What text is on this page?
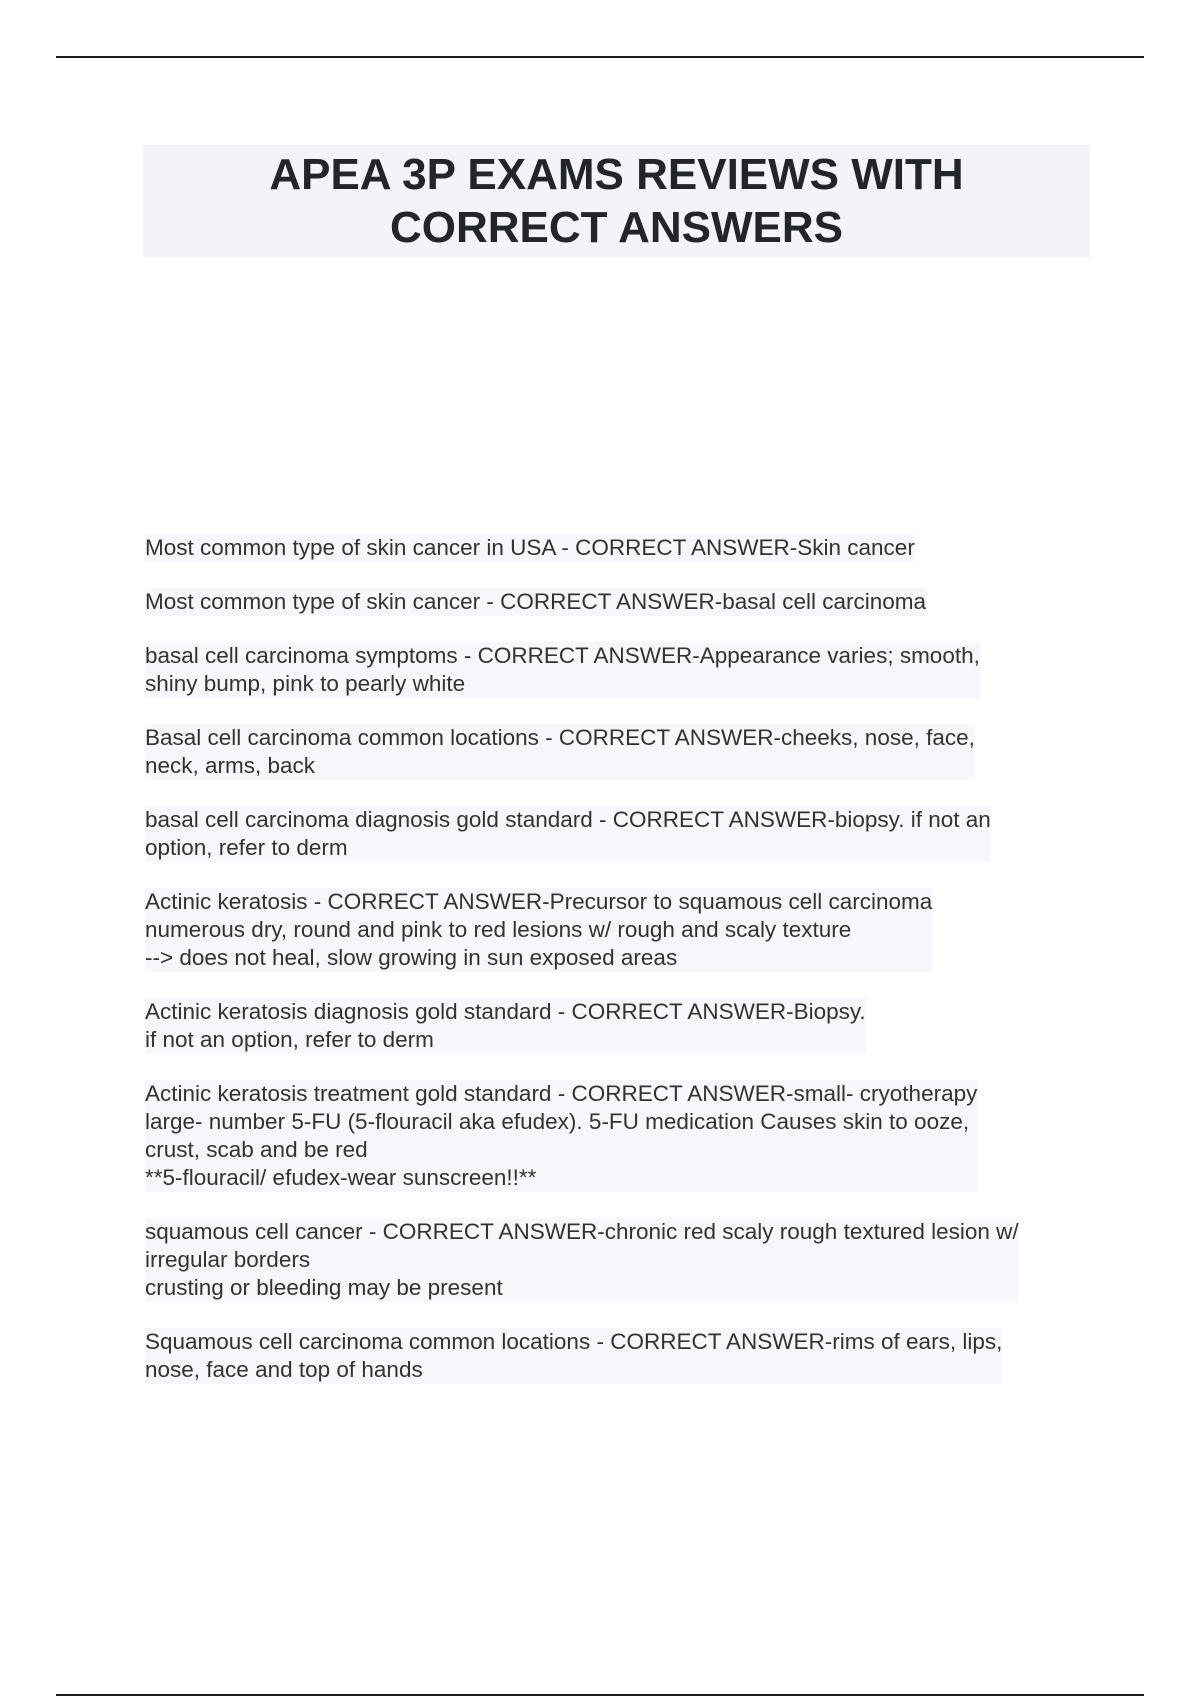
APEA 3P EXAMS REVIEWS WITH
CORRECT ANSWERS
Most common type of skin cancer in USA - CORRECT ANSWER-Skin cancer
Most common type of skin cancer - CORRECT ANSWER-basal cell carcinoma
basal cell carcinoma symptoms - CORRECT ANSWER-Appearance varies; smooth,
shiny bump, pink to pearly white
Basal cell carcinoma common locations - CORRECT ANSWER-cheeks, nose, face,
neck, arms, back
basal cell carcinoma diagnosis gold standard - CORRECT ANSWER-biopsy. if not an
option, refer to derm
Actinic keratosis - CORRECT ANSWER-Precursor to squamous cell carcinoma
numerous dry, round and pink to red lesions w/ rough and scaly texture
--> does not heal, slow growing in sun exposed areas
Actinic keratosis diagnosis gold standard - CORRECT ANSWER-Biopsy.
if not an option, refer to derm
Actinic keratosis treatment gold standard - CORRECT ANSWER-small- cryotherapy
large- number 5-FU (5-flouracil aka efudex). 5-FU medication Causes skin to ooze,
crust, scab and be red
**5-flouracil/ efudex-wear sunscreen!!**
squamous cell cancer - CORRECT ANSWER-chronic red scaly rough textured lesion w/
irregular borders
crusting or bleeding may be present
Squamous cell carcinoma common locations - CORRECT ANSWER-rims of ears, lips,
nose, face and top of hands
